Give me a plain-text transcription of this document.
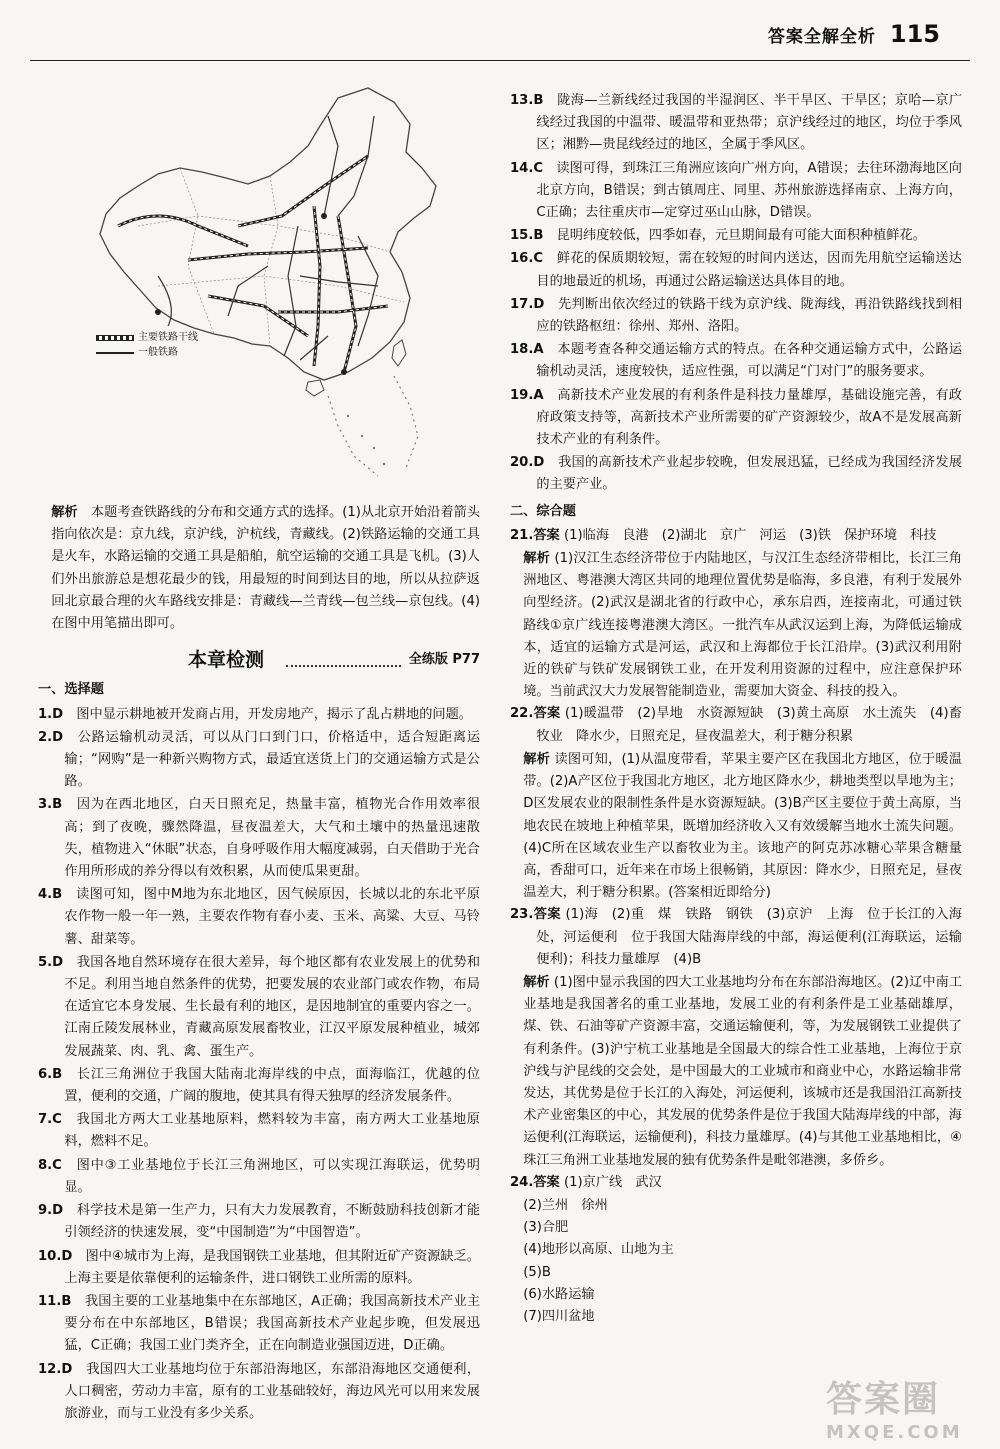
答案全解全析 115
主要铁路干线
一般铁路

解析　 本题考查铁路线的分布和交通方式的选择。(1)从北京开始沿着箭头指向依次是：京九线，京沪线，沪杭线，青藏线。(2)铁路运输的交通工具是火车，水路运输的交通工具是船舶，航空运输的交通工具是飞机。(3)人们外出旅游总是想花最少的钱，用最短的时间到达目的地，所以从拉萨返回北京最合理的火车路线安排是：青藏线—兰青线—包兰线—京包线。(4)在图中用笔描出即可。

本章检测	全练版 P77
一、选择题

1.D　 图中显示耕地被开发商占用，开发房地产，揭示了乱占耕地的问题。

2.D　 公路运输机动灵活，可以从门口到门口，价格适中，适合短距离运输；“网购”是一种新兴购物方式，最适宜送货上门的交通运输方式是公路。

3.B　 因为在西北地区，白天日照充足，热量丰富，植物光合作用效率很高；到了夜晚，骤然降温，昼夜温差大，大气和土壤中的热量迅速散失，植物进入“休眠”状态，自身呼吸作用大幅度减弱，白天借助于光合作用所形成的养分得以有效积累，从而使瓜果更甜。

4.B　 读图可知，图中M地为东北地区，因气候原因，长城以北的东北平原农作物一般一年一熟，主要农作物有春小麦、玉米、高粱、大豆、马铃薯、甜菜等。

5.D　 我国各地自然环境存在很大差异，每个地区都有农业发展上的优势和不足。利用当地自然条件的优势，把要发展的农业部门或农作物，布局在适宜它本身发展、生长最有利的地区，是因地制宜的重要内容之一。江南丘陵发展林业，青藏高原发展畜牧业，江汉平原发展种植业，城郊发展蔬菜、肉、乳、禽、蛋生产。

6.B　 长江三角洲位于我国大陆南北海岸线的中点，面海临江，优越的位置，便利的交通，广阔的腹地，使其具有得天独厚的经济发展条件。

7.C　 我国北方两大工业基地原料，燃料较为丰富，南方两大工业基地原料，燃料不足。

8.C　 图中③工业基地位于长江三角洲地区，可以实现江海联运，优势明显。

9.D　 科学技术是第一生产力，只有大力发展教育，不断鼓励科技创新才能引领经济的快速发展，变“中国制造”为“中国智造”。

10.D　 图中④城市为上海，是我国钢铁工业基地，但其附近矿产资源缺乏。上海主要是依靠便利的运输条件，进口钢铁工业所需的原料。

11.B　 我国主要的工业基地集中在东部地区，A正确；我国高新技术产业主要分布在中东部地区，B错误；我国高新技术产业起步晚，但发展迅猛，C正确；我国工业门类齐全，正在向制造业强国迈进，D正确。

12.D　 我国四大工业基地均位于东部沿海地区，东部沿海地区交通便利，人口稠密，劳动力丰富，原有的工业基础较好，海边风光可以用来发展旅游业，而与工业没有多少关系。

13.B　 陇海—兰新线经过我国的半湿润区、半干旱区、干旱区；京哈—京广线经过我国的中温带、暖温带和亚热带；京沪线经过的地区，均位于季风区；湘黔—贵昆线经过的地区，全属于季风区。

14.C　 读图可得，到珠江三角洲应该向广州方向，A错误；去往环渤海地区向北京方向，B错误；到古镇周庄、同里、苏州旅游选择南京、上海方向，C正确；去往重庆市—定穿过巫山山脉，D错误。

15.B　 昆明纬度较低，四季如春，元旦期间最有可能大面积种植鲜花。

16.C　 鲜花的保质期较短，需在较短的时间内送达，因而先用航空运输送达目的地最近的机场，再通过公路运输送达具体目的地。

17.D　 先判断出依次经过的铁路干线为京沪线、陇海线，再沿铁路线找到相应的铁路枢纽：徐州、郑州、洛阳。

18.A　 本题考查各种交通运输方式的特点。在各种交通运输方式中，公路运输机动灵活，速度较快，适应性强，可以满足“门对门”的服务要求。

19.A　 高新技术产业发展的有利条件是科技力量雄厚，基础设施完善，有政府政策支持等，高新技术产业所需要的矿产资源较少，故A不是发展高新技术产业的有利条件。

20.D　 我国的高新技术产业起步较晚，但发展迅猛，已经成为我国经济发展的主要产业。

二、综合题

21.答案 (1)临海　良港　(2)湖北　京广　河运　(3)铁　保护环境　科技

解析 (1)汉江生态经济带位于内陆地区，与汉江生态经济带相比，长江三角洲地区、粤港澳大湾区共同的地理位置优势是临海，多良港，有利于发展外向型经济。(2)武汉是湖北省的行政中心，承东启西，连接南北，可通过铁路线①京广线连接粤港澳大湾区。一批汽车从武汉运到上海，为降低运输成本，适宜的运输方式是河运，武汉和上海都位于长江沿岸。(3)武汉利用附近的铁矿与铁矿发展钢铁工业，在开发利用资源的过程中，应注意保护环境。当前武汉大力发展智能制造业，需要加大资金、科技的投入。

22.答案 (1)暖温带　(2)旱地　水资源短缺　(3)黄土高原　水土流失　(4)畜牧业　降水少，日照充足，昼夜温差大，利于糖分积累

解析 读图可知，(1)从温度带看，苹果主要产区在我国北方地区，位于暖温带。(2)A产区位于我国北方地区，北方地区降水少，耕地类型以旱地为主；D区发展农业的限制性条件是水资源短缺。(3)B产区主要位于黄土高原，当地农民在坡地上种植苹果，既增加经济收入又有效缓解当地水土流失问题。(4)C所在区域农业生产以畜牧业为主。该地产的阿克苏冰糖心苹果含糖量高，香甜可口，近年来在市场上很畅销，其原因：降水少，日照充足，昼夜温差大，利于糖分积累。(答案相近即给分)

23.答案 (1)海　(2)重　煤　铁路　钢铁　(3)京沪　上海　位于长江的入海处，河运便利　位于我国大陆海岸线的中部，海运便利(江海联运，运输便利)；科技力量雄厚　(4)B

解析 (1)图中显示我国的四大工业基地均分布在东部沿海地区。(2)辽中南工业基地是我国著名的重工业基地，发展工业的有利条件是工业基础雄厚，煤、铁、石油等矿产资源丰富，交通运输便利，等，为发展钢铁工业提供了有利条件。(3)沪宁杭工业基地是全国最大的综合性工业基地，上海位于京沪线与沪昆线的交会处，是中国最大的工业城市和商业中心，水路运输非常发达，其优势是位于长江的入海处，河运便利，该城市还是我国沿江高新技术产业密集区的中心，其发展的优势条件是位于我国大陆海岸线的中部，海运便利(江海联运，运输便利)，科技力量雄厚。(4)与其他工业基地相比，④珠江三角洲工业基地发展的独有优势条件是毗邻港澳，多侨乡。

24.答案 (1)京广线　武汉

(2)兰州　徐州

(3)合肥

(4)地形以高原、山地为主

(5)B

(6)水路运输

(7)四川盆地

答案圈
MXQE.COM
